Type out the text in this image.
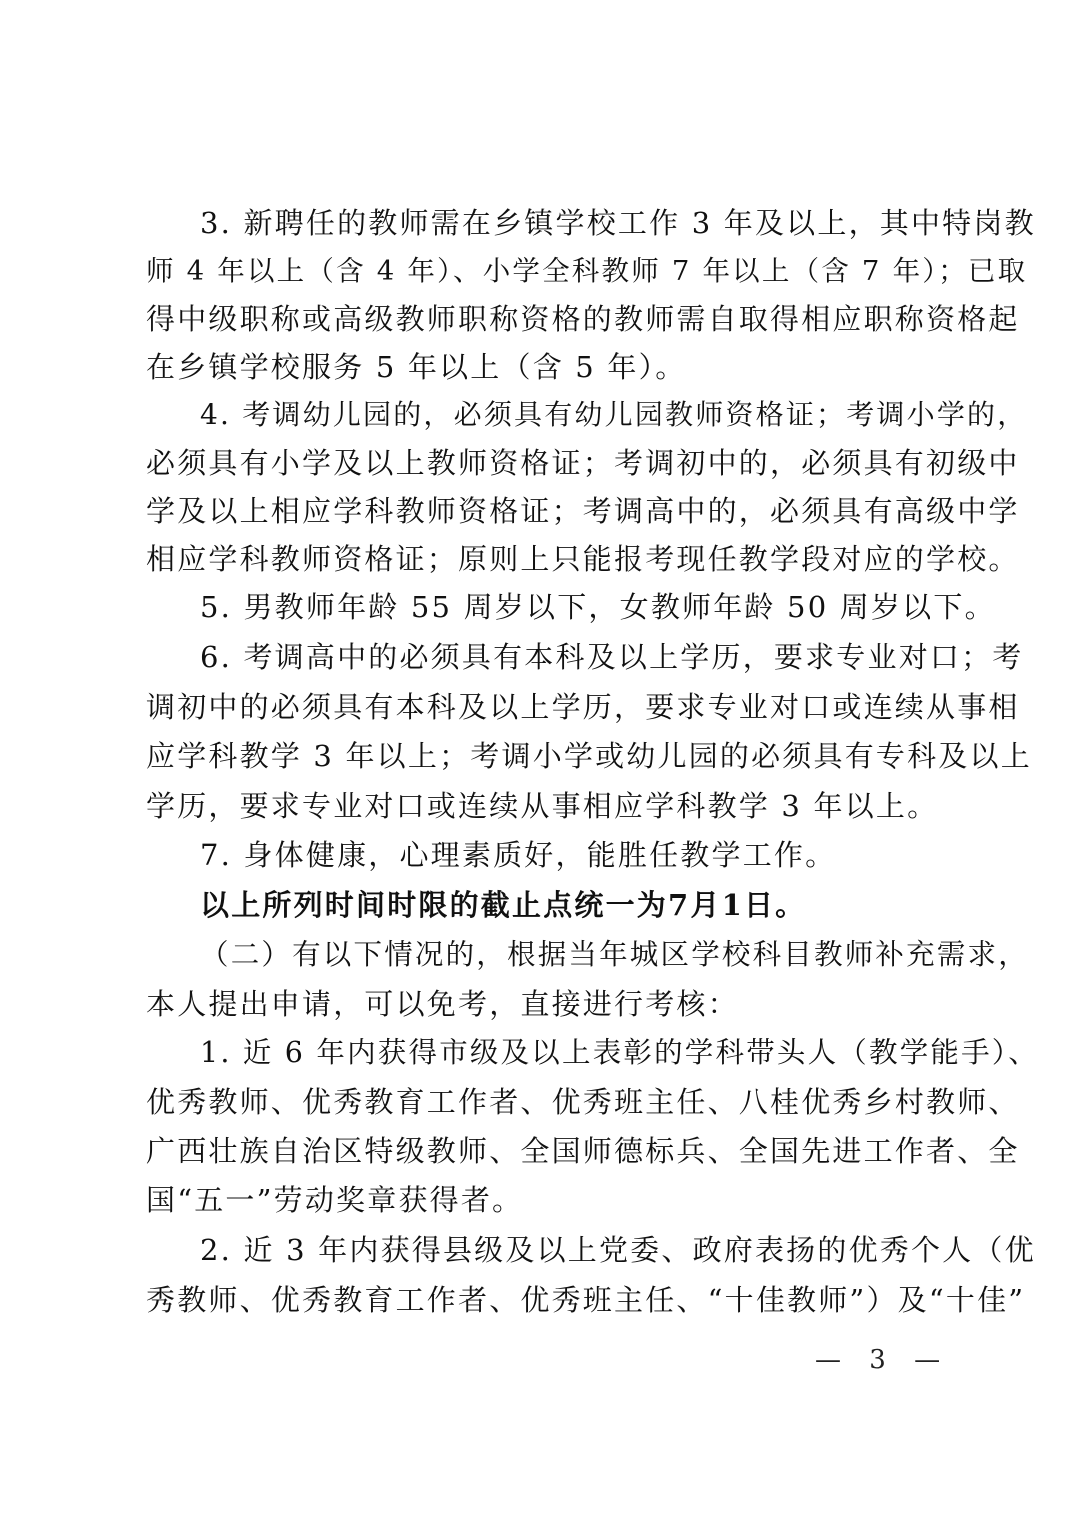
3. 新聘任的教师需在乡镇学校工作 3 年及以上，其中特岗教
师 4 年以上（含 4 年）、小学全科教师 7 年以上（含 7 年）；已取
得中级职称或高级教师职称资格的教师需自取得相应职称资格起
在乡镇学校服务 5 年以上（含 5 年）。
4. 考调幼儿园的，必须具有幼儿园教师资格证；考调小学的，
必须具有小学及以上教师资格证；考调初中的，必须具有初级中
学及以上相应学科教师资格证；考调高中的，必须具有高级中学
相应学科教师资格证；原则上只能报考现任教学段对应的学校。
5. 男教师年龄 55 周岁以下，女教师年龄 50 周岁以下。
6. 考调高中的必须具有本科及以上学历，要求专业对口；考
调初中的必须具有本科及以上学历，要求专业对口或连续从事相
应学科教学 3 年以上；考调小学或幼儿园的必须具有专科及以上
学历，要求专业对口或连续从事相应学科教学 3 年以上。
7. 身体健康，心理素质好，能胜任教学工作。
以上所列时间时限的截止点统一为7月1日。
（二）有以下情况的，根据当年城区学校科目教师补充需求，
本人提出申请，可以免考，直接进行考核：
1. 近 6 年内获得市级及以上表彰的学科带头人（教学能手）、
优秀教师、优秀教育工作者、优秀班主任、八桂优秀乡村教师、
广西壮族自治区特级教师、全国师德标兵、全国先进工作者、全
国“五一”劳动奖章获得者。
2. 近 3 年内获得县级及以上党委、政府表扬的优秀个人（优
秀教师、优秀教育工作者、优秀班主任、“十佳教师”）及“十佳”
— 3 —
